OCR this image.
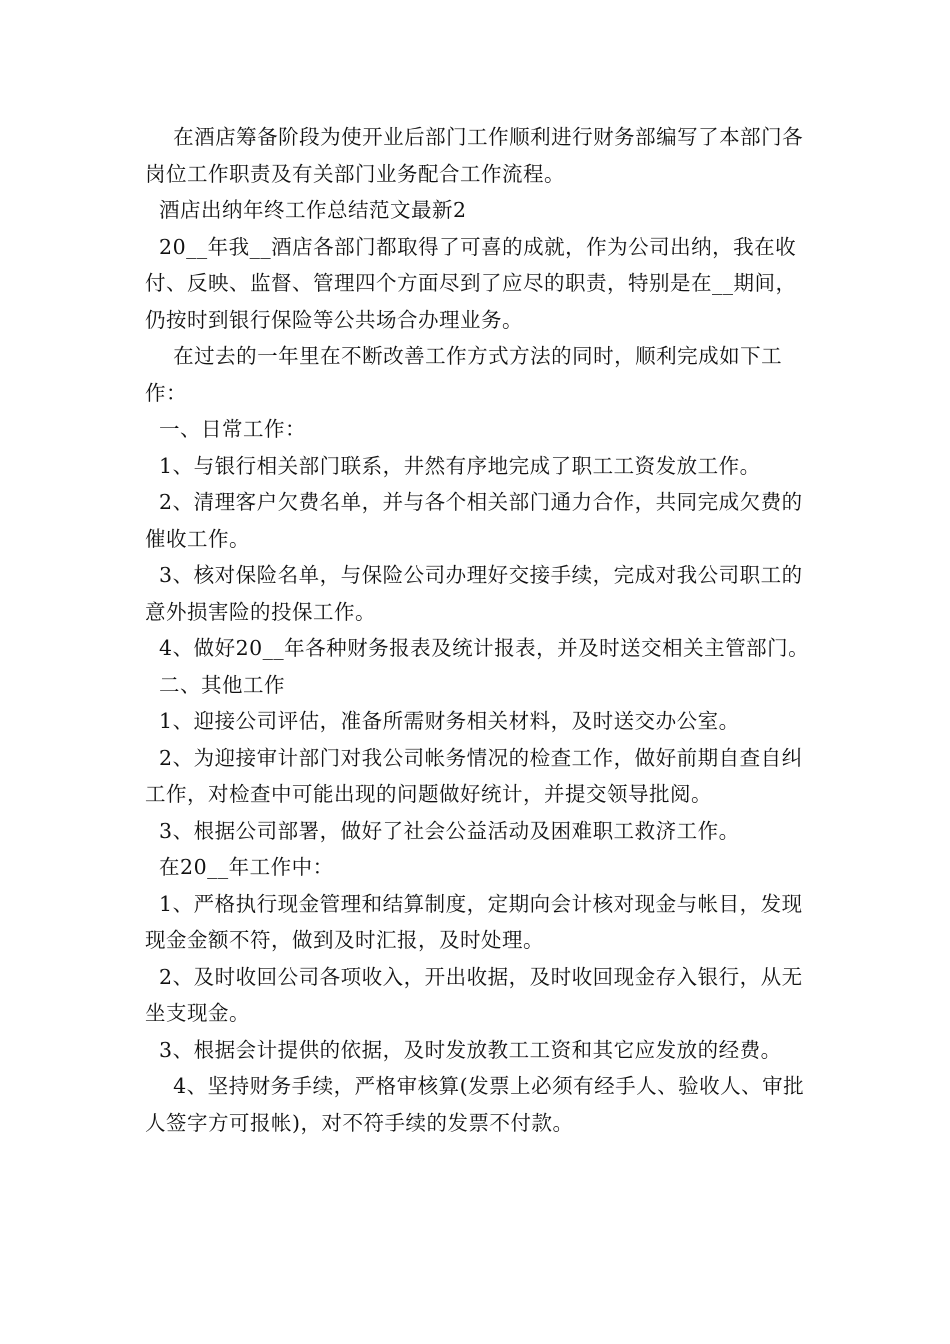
在酒店筹备阶段为使开业后部门工作顺利进行财务部编写了本部门各岗位工作职责及有关部门业务配合工作流程。

酒店出纳年终工作总结范文最新2

20__年我__酒店各部门都取得了可喜的成就，作为公司出纳，我在收付、反映、监督、管理四个方面尽到了应尽的职责，特别是在__期间，仍按时到银行保险等公共场合办理业务。

在过去的一年里在不断改善工作方式方法的同时，顺利完成如下工作：

一、日常工作：

1、与银行相关部门联系，井然有序地完成了职工工资发放工作。

2、清理客户欠费名单，并与各个相关部门通力合作，共同完成欠费的催收工作。

3、核对保险名单，与保险公司办理好交接手续，完成对我公司职工的意外损害险的投保工作。

4、做好20__年各种财务报表及统计报表，并及时送交相关主管部门。

二、其他工作

1、迎接公司评估，准备所需财务相关材料，及时送交办公室。

2、为迎接审计部门对我公司帐务情况的检查工作，做好前期自查自纠工作，对检查中可能出现的问题做好统计，并提交领导批阅。

3、根据公司部署，做好了社会公益活动及困难职工救济工作。

在20__年工作中：

1、严格执行现金管理和结算制度，定期向会计核对现金与帐目，发现现金金额不符，做到及时汇报，及时处理。

2、及时收回公司各项收入，开出收据，及时收回现金存入银行，从无坐支现金。

3、根据会计提供的依据，及时发放教工工资和其它应发放的经费。

4、坚持财务手续，严格审核算(发票上必须有经手人、验收人、审批人签字方可报帐)，对不符手续的发票不付款。
